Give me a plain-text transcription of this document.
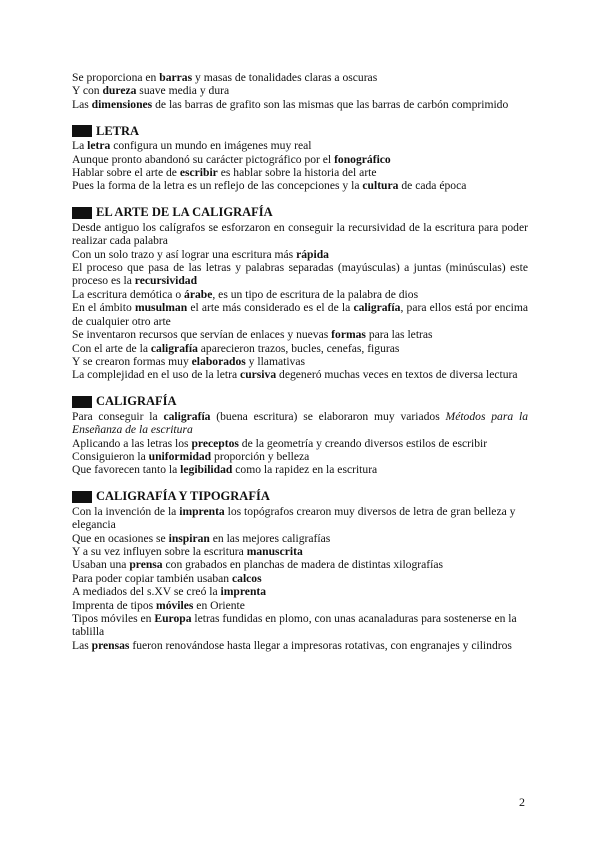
Se proporciona en barras y masas de tonalidades claras a oscuras

Y con dureza suave media y dura

Las dimensiones de las barras de grafito son las mismas que las barras de carbón comprimido

LETRA

La letra configura un mundo en imágenes muy real

Aunque pronto abandonó su carácter pictográfico por el fonográfico

Hablar sobre el arte de escribir es hablar sobre la historia del arte

Pues la forma de la letra es un reflejo de las concepciones y la cultura de cada época

EL ARTE DE LA CALIGRAFÍA

Desde antiguo los calígrafos se esforzaron en conseguir la recursividad de la escritura para poder realizar cada palabra

Con un solo trazo y así lograr una escritura más rápida

El proceso que pasa de las letras y palabras separadas (mayúsculas) a juntas (minúsculas) este proceso es la recursividad

La escritura demótica o árabe, es un tipo de escritura de la palabra de dios

En el ámbito musulman el arte más considerado es el de la caligrafía, para ellos está por encima de cualquier otro arte

Se inventaron recursos que servían de enlaces y nuevas formas para las letras

Con el arte de la caligrafía aparecieron trazos, bucles, cenefas, figuras

Y se crearon formas muy elaborados y llamativas

La complejidad en el uso de la letra cursiva degeneró muchas veces en textos de diversa lectura

CALIGRAFÍA

Para conseguir la caligrafía (buena escritura) se elaboraron muy variados Métodos para la Enseñanza de la escritura

Aplicando a las letras los preceptos de la geometría y creando diversos estilos de escribir

Consiguieron la uniformidad proporción y belleza

Que favorecen tanto la legibilidad como la rapidez en la escritura

CALIGRAFÍA Y TIPOGRAFÍA

Con la invención de la imprenta los topógrafos crearon muy diversos de letra de gran belleza y elegancia

Que en ocasiones se inspiran en las mejores caligrafías

Y a su vez influyen sobre la escritura manuscrita

Usaban una prensa con grabados en planchas de madera de distintas xilografías

Para poder copiar también usaban calcos

A mediados del s.XV se creó la imprenta

Imprenta de tipos móviles en Oriente

Tipos móviles en Europa letras fundidas en plomo, con unas acanaladuras para sostenerse en la tablilla

Las prensas fueron renovándose hasta llegar a impresoras rotativas, con engranajes y cilindros

2
